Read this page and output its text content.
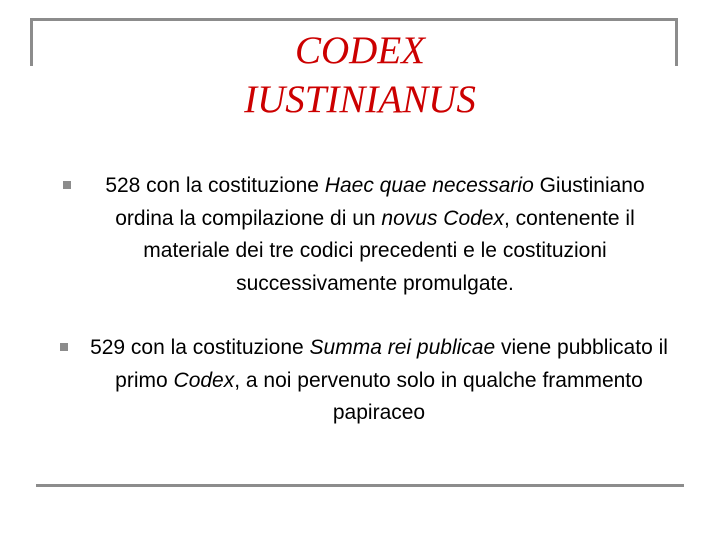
CODEX
IUSTINIANUS

528 con la costituzione Haec quae necessario Giustiniano ordina la compilazione di un novus Codex, contenente il materiale dei tre codici precedenti e le costituzioni successivamente promulgate.

529 con la costituzione Summa rei publicae viene pubblicato il primo Codex, a noi pervenuto solo in qualche frammento papiraceo
